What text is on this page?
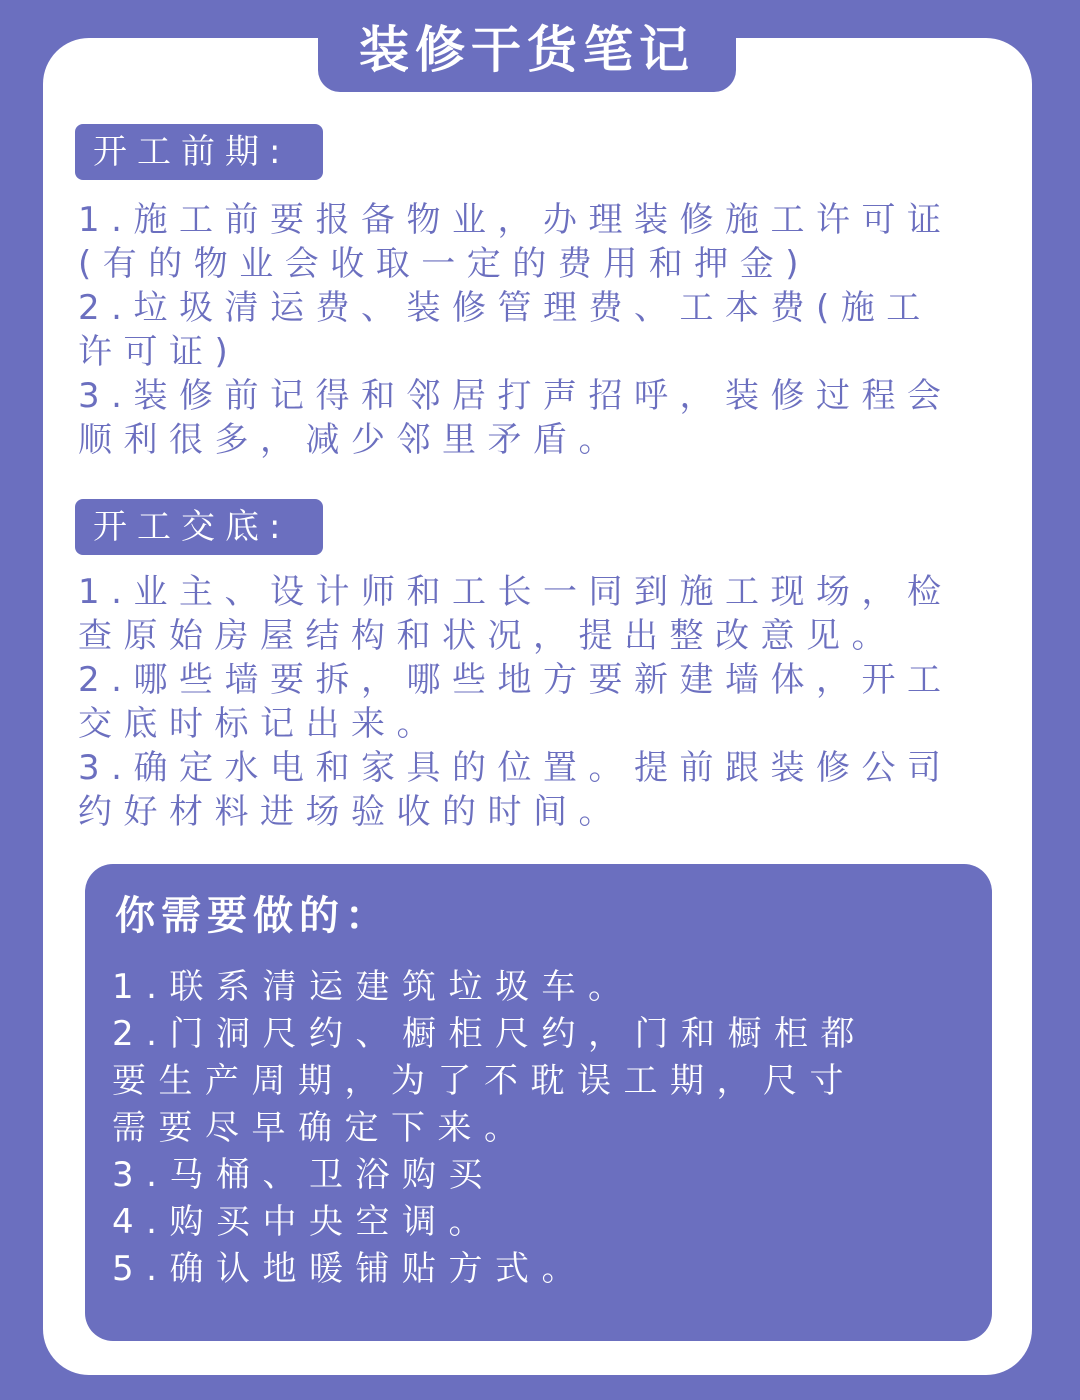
装修干货笔记
开工前期:

1.施工前要报备物业，办理装修施工许可证
(有的物业会收取一定的费用和押金)
2.垃圾清运费、装修管理费、工本费(施工
许可证)
3.装修前记得和邻居打声招呼，装修过程会
顺利很多，减少邻里矛盾。

开工交底:

1.业主、设计师和工长一同到施工现场，检
查原始房屋结构和状况，提出整改意见。
2.哪些墙要拆，哪些地方要新建墙体，开工
交底时标记出来。
3.确定水电和家具的位置。提前跟装修公司
约好材料进场验收的时间。

你需要做的：

1.联系清运建筑垃圾车。
2.门洞尺约、橱柜尺约，门和橱柜都
要生产周期，为了不耽误工期，尺寸
需要尽早确定下来。
3.马桶、卫浴购买
4.购买中央空调。
5.确认地暖铺贴方式。
